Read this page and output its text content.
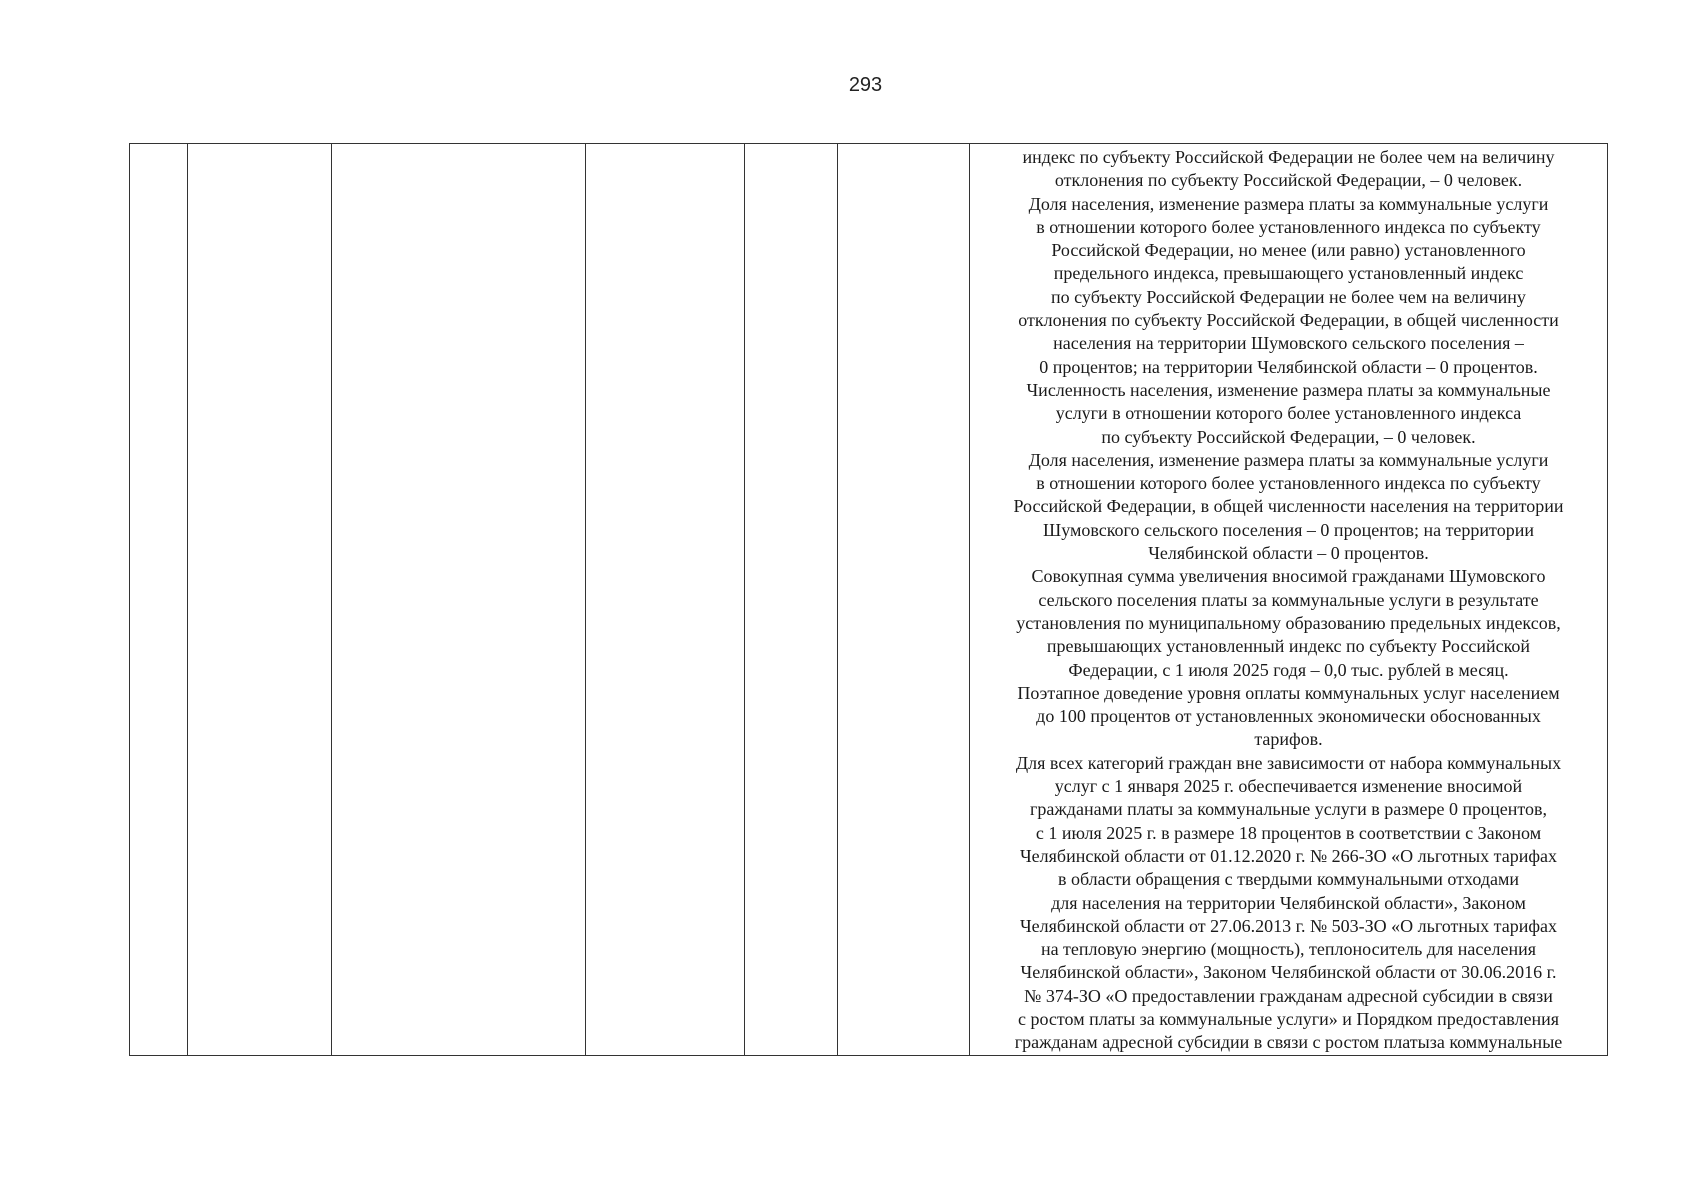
293

индекс по субъекту Российской Федерации не более чем на величину
отклонения по субъекту Российской Федерации, – 0 человек.
Доля населения, изменение размера платы за коммунальные услуги
в отношении которого более установленного индекса по субъекту
Российской Федерации, но менее (или равно) установленного
предельного индекса, превышающего установленный индекс
по субъекту Российской Федерации не более чем на величину
отклонения по субъекту Российской Федерации, в общей численности
населения на территории Шумовского сельского поселения –
0 процентов; на территории Челябинской области – 0 процентов.
Численность населения, изменение размера платы за коммунальные
услуги в отношении которого более установленного индекса
по субъекту Российской Федерации, – 0 человек.
Доля населения, изменение размера платы за коммунальные услуги
в отношении которого более установленного индекса по субъекту
Российской Федерации, в общей численности населения на территории
Шумовского сельского поселения – 0 процентов; на территории
Челябинской области – 0 процентов.
Совокупная сумма увеличения вносимой гражданами Шумовского
сельского поселения платы за коммунальные услуги в результате
установления по муниципальному образованию предельных индексов,
превышающих установленный индекс по субъекту Российской
Федерации, с 1 июля 2025 годя – 0,0 тыс. рублей в месяц.
Поэтапное доведение уровня оплаты коммунальных услуг населением
до 100 процентов от установленных экономически обоснованных
тарифов.
Для всех категорий граждан вне зависимости от набора коммунальных
услуг с 1 января 2025 г. обеспечивается изменение вносимой
гражданами платы за коммунальные услуги в размере 0 процентов,
с 1 июля 2025 г. в размере 18 процентов в соответствии с Законом
Челябинской области от 01.12.2020 г. № 266-ЗО «О льготных тарифах
в области обращения с твердыми коммунальными отходами
для населения на территории Челябинской области», Законом
Челябинской области от 27.06.2013 г. № 503-ЗО «О льготных тарифах
на тепловую энергию (мощность), теплоноситель для населения
Челябинской области», Законом Челябинской области от 30.06.2016 г.
№ 374-ЗО «О предоставлении гражданам адресной субсидии в связи
с ростом платы за коммунальные услуги» и Порядком предоставления
гражданам адресной субсидии в связи с ростом платыза коммунальные
